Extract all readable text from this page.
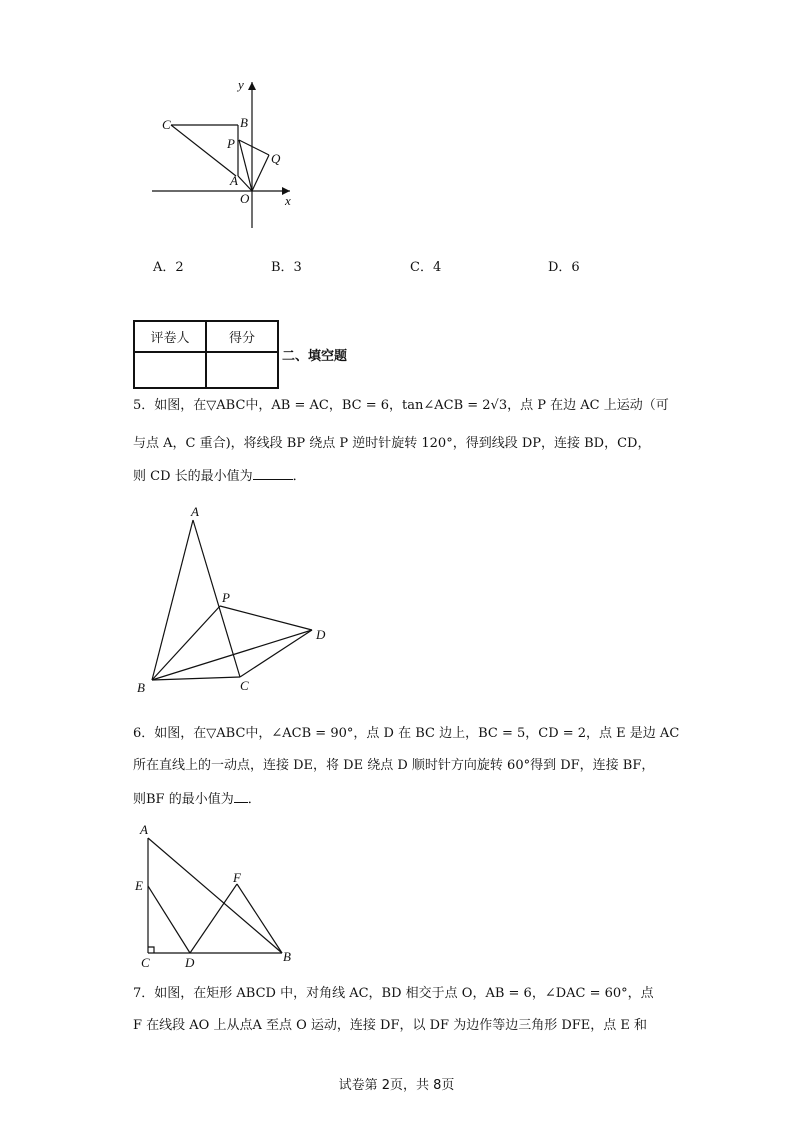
y
x
O
B
C
P
Q
A
A．2	B．3	C．4	D．6
评卷人	得分

二、填空题
5．如图，在▽ABC中，AB = AC，BC = 6，tan∠ACB = 2√3，点 P 在边 AC 上运动（可
与点 A，C 重合)，将线段 BP 绕点 P 逆时针旋转 120°，得到线段 DP，连接 BD，CD，
则 CD 长的最小值为	．
A
P
D
B	C
6．如图，在▽ABC中，∠ACB = 90°，点 D 在 BC 边上，BC = 5，CD = 2，点 E 是边 AC
所在直线上的一动点，连接 DE，将 DE 绕点 D 顺时针方向旋转 60°得到 DF，连接 BF，
则BF 的最小值为 ．
A
E
F
C	D	B
7．如图，在矩形 ABCD 中，对角线 AC，BD 相交于点 O，AB = 6，∠DAC = 60°，点
F 在线段 AO 上从点A 至点 O 运动，连接 DF，以 DF 为边作等边三角形 DFE，点 E 和
试卷第 2页，共 8页
